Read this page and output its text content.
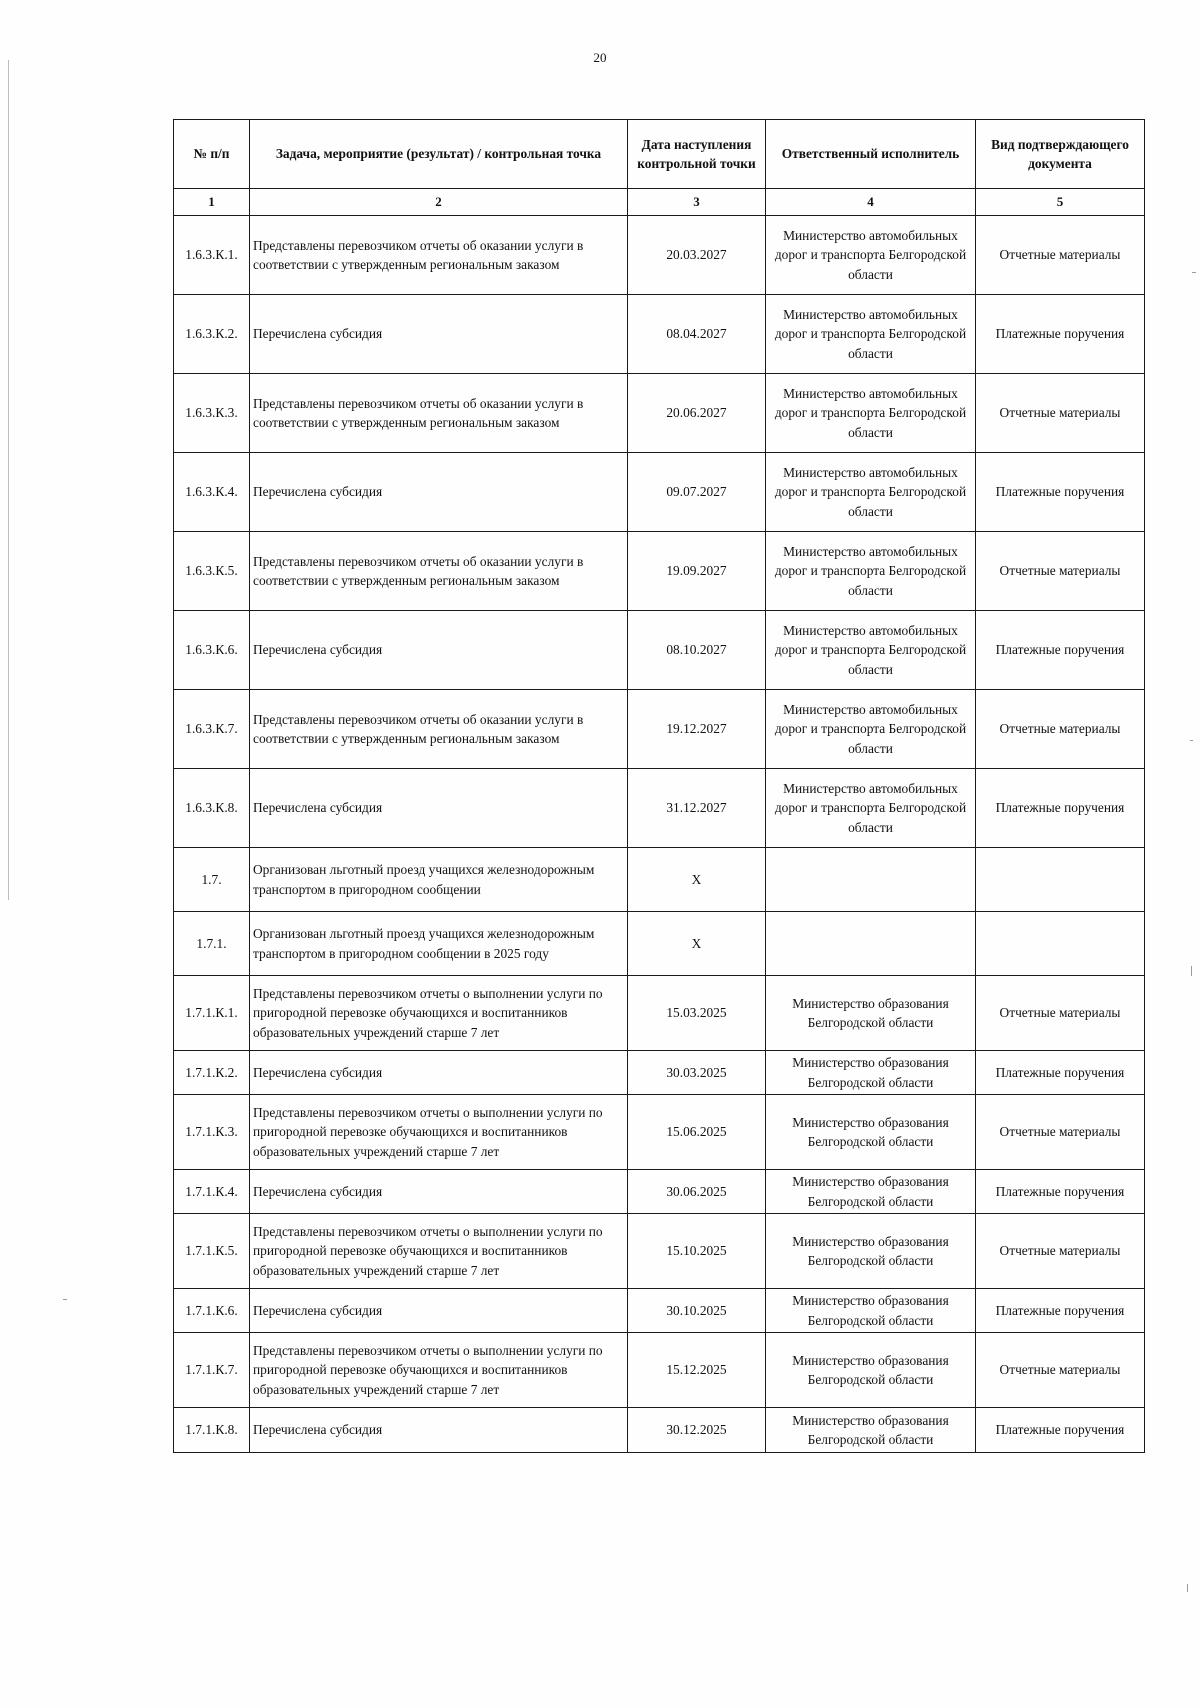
20
№ п/п	Задача, мероприятие (результат) / контрольная точка	Дата наступления контрольной точки	Ответственный исполнитель	Вид подтверждающего документа
1	2	3	4	5
1.6.3.К.1.	Представлены перевозчиком отчеты об оказании услуги в соответствии с утвержденным региональным заказом	20.03.2027	Министерство автомобильных дорог и транспорта Белгородской области	Отчетные материалы
1.6.3.К.2.	Перечислена субсидия	08.04.2027	Министерство автомобильных дорог и транспорта Белгородской области	Платежные поручения
1.6.3.К.3.	Представлены перевозчиком отчеты об оказании услуги в соответствии с утвержденным региональным заказом	20.06.2027	Министерство автомобильных дорог и транспорта Белгородской области	Отчетные материалы
1.6.3.К.4.	Перечислена субсидия	09.07.2027	Министерство автомобильных дорог и транспорта Белгородской области	Платежные поручения
1.6.3.К.5.	Представлены перевозчиком отчеты об оказании услуги в соответствии с утвержденным региональным заказом	19.09.2027	Министерство автомобильных дорог и транспорта Белгородской области	Отчетные материалы
1.6.3.К.6.	Перечислена субсидия	08.10.2027	Министерство автомобильных дорог и транспорта Белгородской области	Платежные поручения
1.6.3.К.7.	Представлены перевозчиком отчеты об оказании услуги в соответствии с утвержденным региональным заказом	19.12.2027	Министерство автомобильных дорог и транспорта Белгородской области	Отчетные материалы
1.6.3.К.8.	Перечислена субсидия	31.12.2027	Министерство автомобильных дорог и транспорта Белгородской области	Платежные поручения
1.7.	Организован льготный проезд учащихся железнодорожным транспортом в пригородном сообщении	X		
1.7.1.	Организован льготный проезд учащихся железнодорожным транспортом в пригородном сообщении в 2025 году	X		
1.7.1.К.1.	Представлены перевозчиком отчеты о выполнении услуги по пригородной перевозке обучающихся и воспитанников образовательных учреждений старше 7 лет	15.03.2025	Министерство образования Белгородской области	Отчетные материалы
1.7.1.К.2.	Перечислена субсидия	30.03.2025	Министерство образования Белгородской области	Платежные поручения
1.7.1.К.3.	Представлены перевозчиком отчеты о выполнении услуги по пригородной перевозке обучающихся и воспитанников образовательных учреждений старше 7 лет	15.06.2025	Министерство образования Белгородской области	Отчетные материалы
1.7.1.К.4.	Перечислена субсидия	30.06.2025	Министерство образования Белгородской области	Платежные поручения
1.7.1.К.5.	Представлены перевозчиком отчеты о выполнении услуги по пригородной перевозке обучающихся и воспитанников образовательных учреждений старше 7 лет	15.10.2025	Министерство образования Белгородской области	Отчетные материалы
1.7.1.К.6.	Перечислена субсидия	30.10.2025	Министерство образования Белгородской области	Платежные поручения
1.7.1.К.7.	Представлены перевозчиком отчеты о выполнении услуги по пригородной перевозке обучающихся и воспитанников образовательных учреждений старше 7 лет	15.12.2025	Министерство образования Белгородской области	Отчетные материалы
1.7.1.К.8.	Перечислена субсидия	30.12.2025	Министерство образования Белгородской области	Платежные поручения
